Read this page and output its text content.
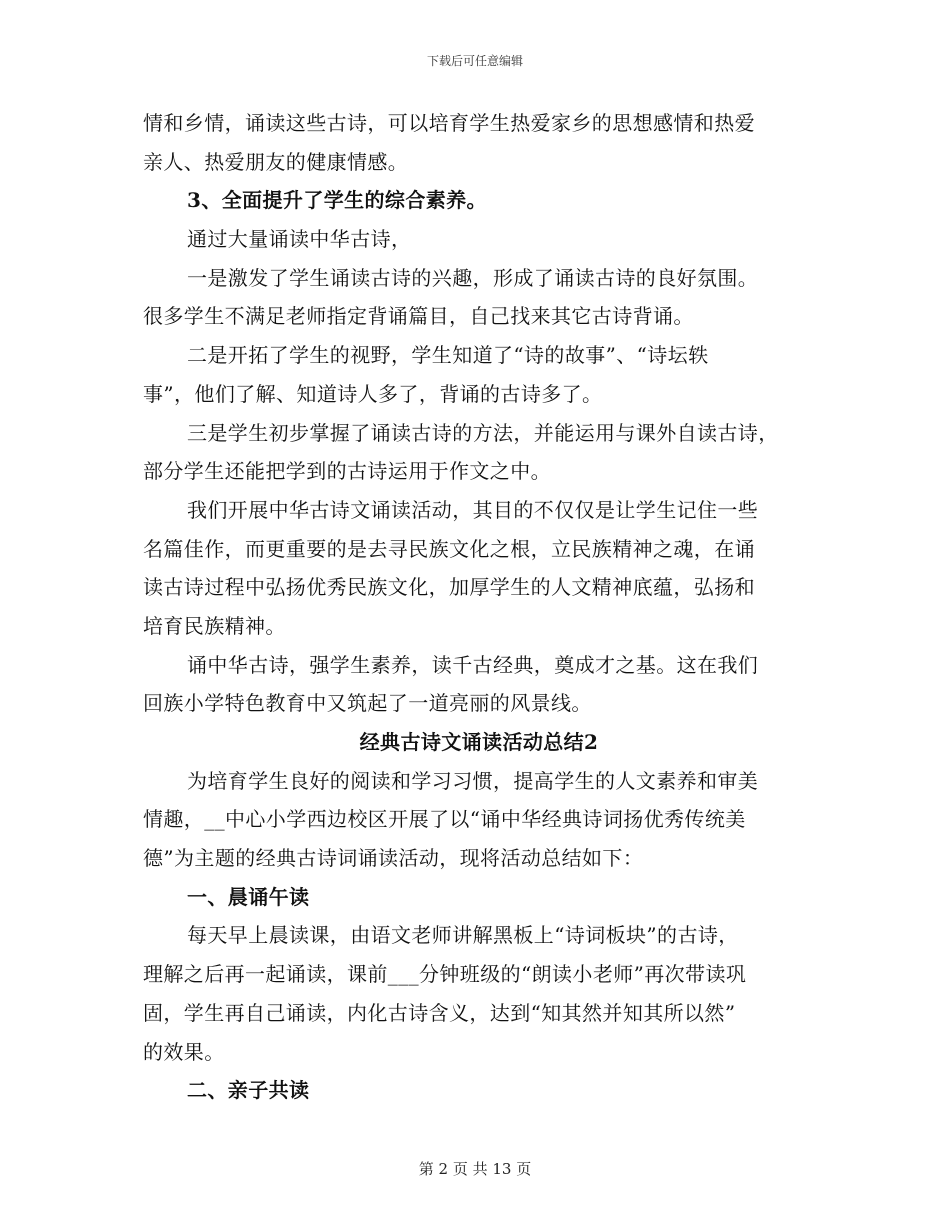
下载后可任意编辑
情和乡情，诵读这些古诗，可以培育学生热爱家乡的思想感情和热爱
亲人、热爱朋友的健康情感。
3、全面提升了学生的综合素养。
通过大量诵读中华古诗，
一是激发了学生诵读古诗的兴趣，形成了诵读古诗的良好氛围。
很多学生不满足老师指定背诵篇目，自己找来其它古诗背诵。
二是开拓了学生的视野，学生知道了“诗的故事”、“诗坛轶
事”，他们了解、知道诗人多了，背诵的古诗多了。
三是学生初步掌握了诵读古诗的方法，并能运用与课外自读古诗，
部分学生还能把学到的古诗运用于作文之中。
我们开展中华古诗文诵读活动，其目的不仅仅是让学生记住一些
名篇佳作，而更重要的是去寻民族文化之根，立民族精神之魂，在诵
读古诗过程中弘扬优秀民族文化，加厚学生的人文精神底蕴，弘扬和
培育民族精神。
诵中华古诗，强学生素养，读千古经典，奠成才之基。这在我们
回族小学特色教育中又筑起了一道亮丽的风景线。
经典古诗文诵读活动总结2
为培育学生良好的阅读和学习习惯，提高学生的人文素养和审美
情趣，__中心小学西边校区开展了以“诵中华经典诗词扬优秀传统美
德”为主题的经典古诗词诵读活动，现将活动总结如下：
一、晨诵午读
每天早上晨读课，由语文老师讲解黑板上“诗词板块”的古诗，
理解之后再一起诵读，课前___分钟班级的“朗读小老师”再次带读巩
固，学生再自己诵读，内化古诗含义，达到“知其然并知其所以然”
的效果。
二、亲子共读
第 2 页 共 13 页
